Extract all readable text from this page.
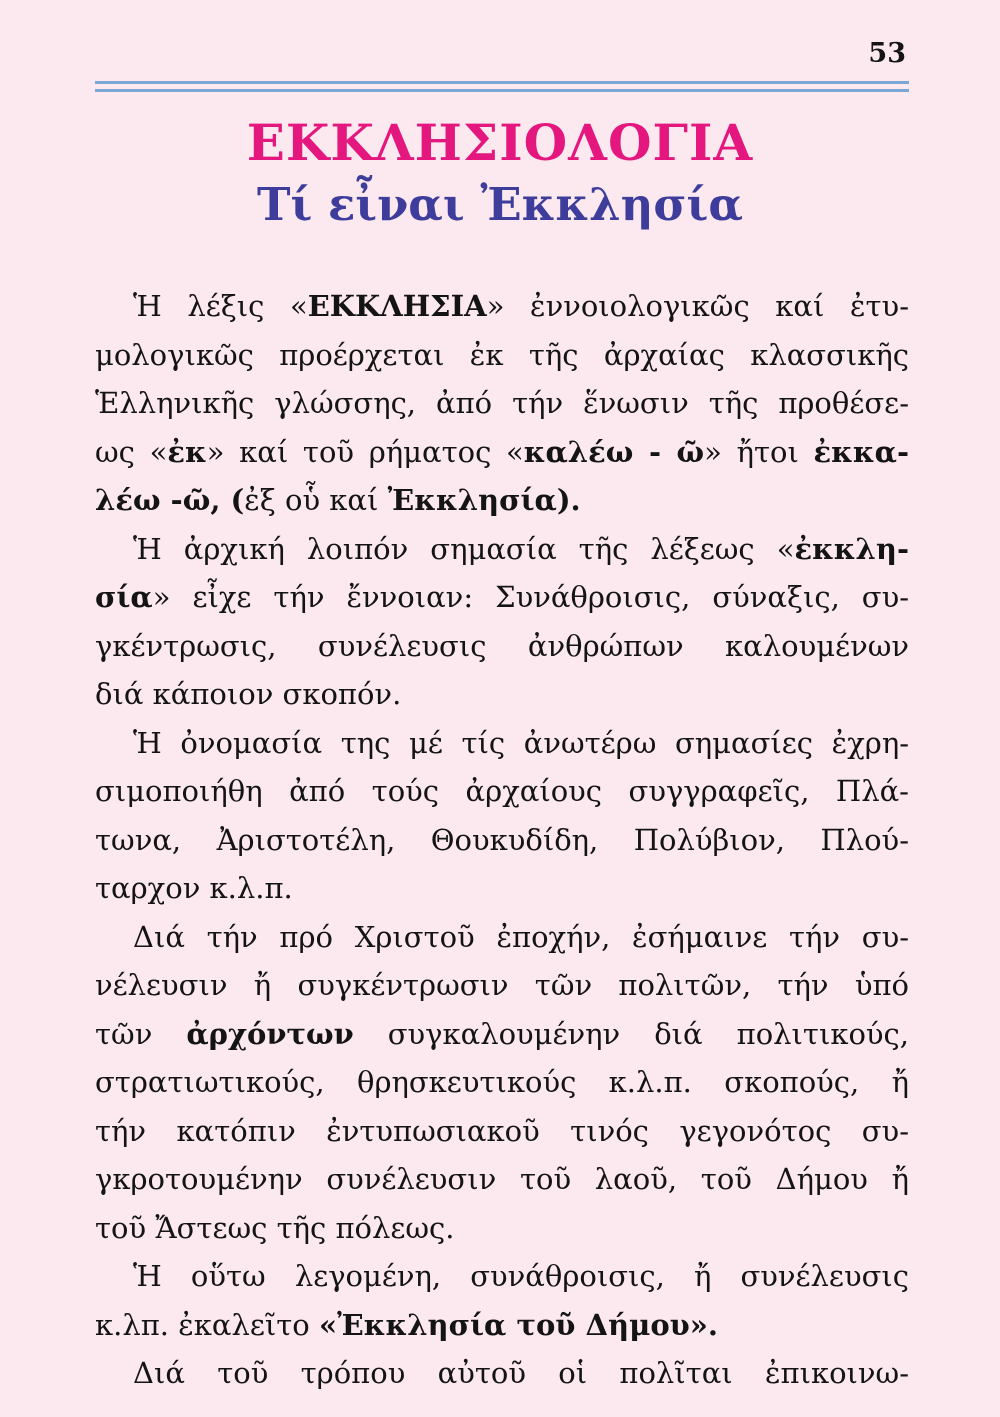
53
ΕΚΚΛΗΣΙΟΛΟΓΙΑ
Τί εἶναι Ἐκκλησία
Ἡ λέξις «ΕΚΚΛΗΣΙΑ» ἐννοιολογικῶς καί ἐτυ-
μολογικῶς προέρχεται ἐκ τῆς ἀρχαίας κλασσικῆς
Ἑλληνικῆς γλώσσης, ἀπό τήν ἕνωσιν τῆς προθέσε-
ως «ἐκ» καί τοῦ ρήματος «καλέω - ῶ» ἤτοι ἐκκα-
λέω -ῶ, (ἐξ οὗ καί Ἐκκλησία).
Ἡ ἀρχική λοιπόν σημασία τῆς λέξεως «ἐκκλη-
σία» εἶχε τήν ἔννοιαν: Συνάθροισις, σύναξις, συ-
γκέντρωσις, συνέλευσις ἀνθρώπων καλουμένων
διά κάποιον σκοπόν.
Ἡ ὀνομασία της μέ τίς ἀνωτέρω σημασίες ἐχρη-
σιμοποιήθη ἀπό τούς ἀρχαίους συγγραφεῖς, Πλά-
τωνα, Ἀριστοτέλη, Θουκυδίδη, Πολύβιον, Πλού-
ταρχον κ.λ.π.
Διά τήν πρό Χριστοῦ ἐποχήν, ἐσήμαινε τήν συ-
νέλευσιν ἤ συγκέντρωσιν τῶν πολιτῶν, τήν ὑπό
τῶν ἀρχόντων συγκαλουμένην διά πολιτικούς,
στρατιωτικούς, θρησκευτικούς κ.λ.π. σκοπούς, ἤ
τήν κατόπιν ἐντυπωσιακοῦ τινός γεγονότος συ-
γκροτουμένην συνέλευσιν τοῦ λαοῦ, τοῦ Δήμου ἤ
τοῦ Ἄστεως τῆς πόλεως.
Ἡ οὕτω λεγομένη, συνάθροισις, ἤ συνέλευσις
κ.λπ. ἐκαλεῖτο «Ἐκκλησία τοῦ Δήμου».
Διά τοῦ τρόπου αὐτοῦ οἱ πολῖται ἐπικοινω-
